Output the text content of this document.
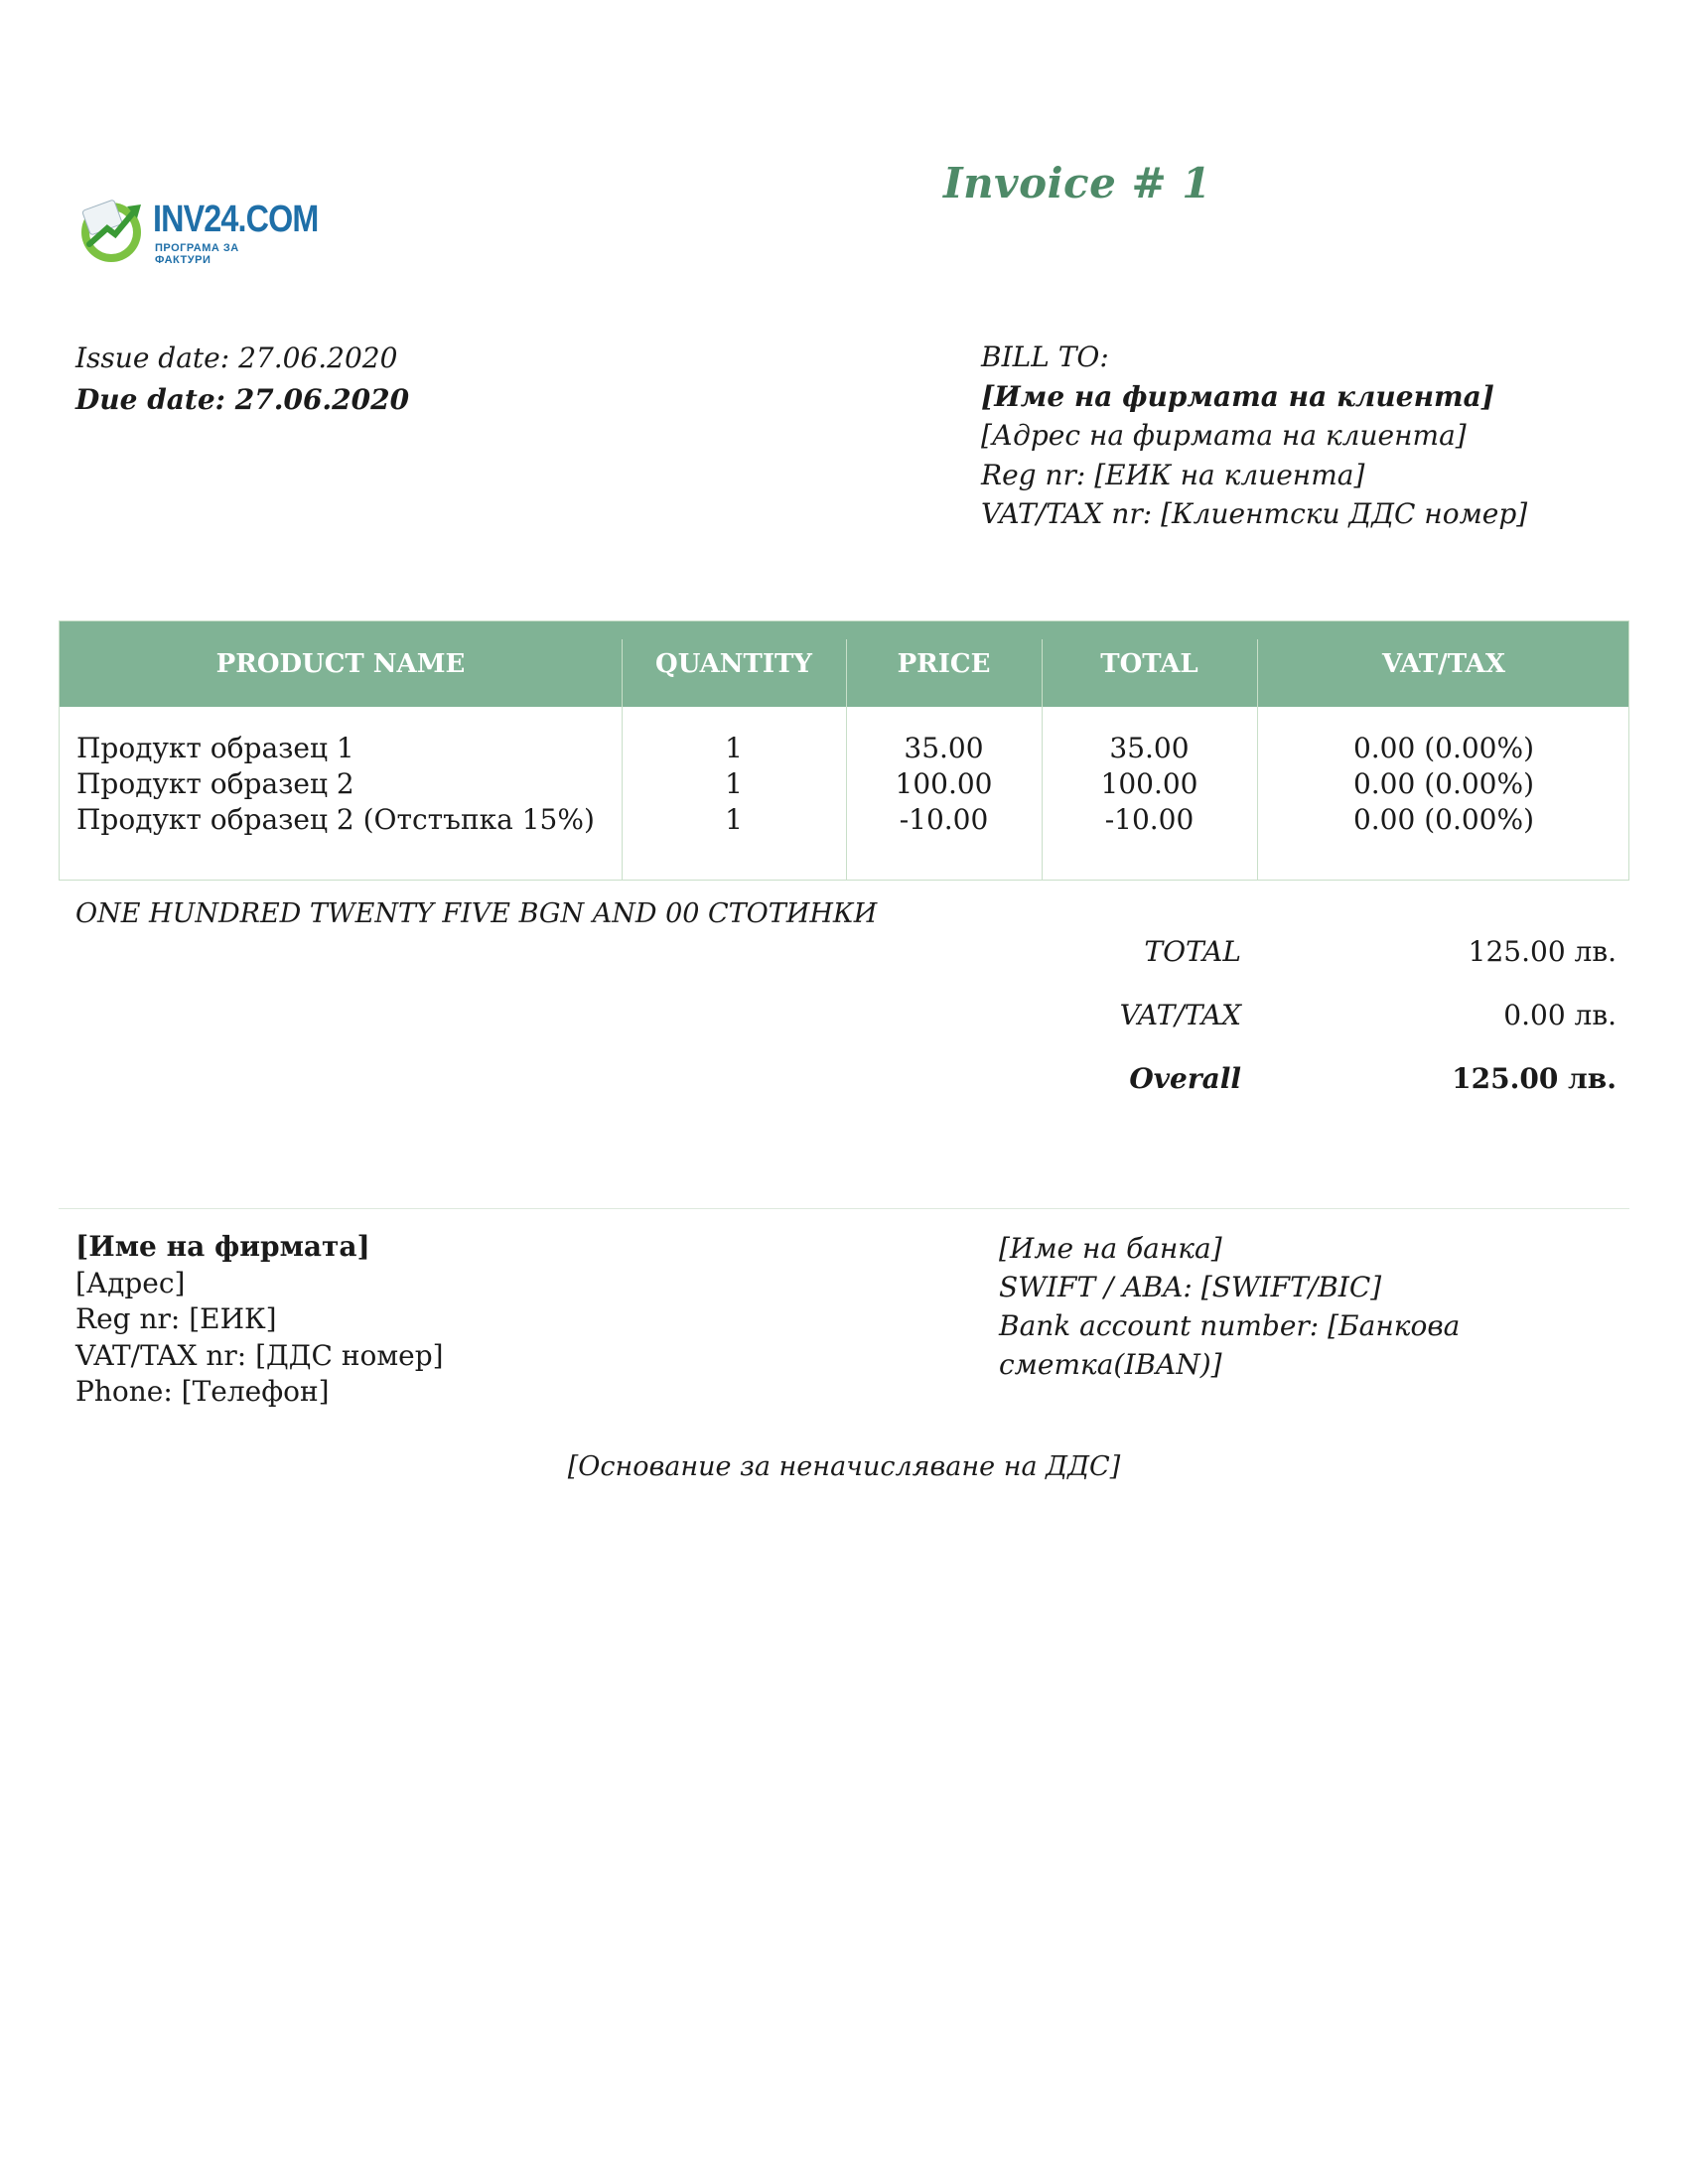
INV24.COM
ПРОГРАМА ЗА ФАКТУРИ
Invoice # 1
Issue date: 27.06.2020
Due date: 27.06.2020
BILL TO:
[Име на фирмата на клиента]
[Адрес на фирмата на клиента]
Reg nr: [ЕИК на клиента]
VAT/TAX nr: [Клиентски ДДС номер]
PRODUCT NAME	QUANTITY	PRICE	TOTAL	VAT/TAX
Продукт образец 1	1	35.00	35.00	0.00 (0.00%)
Продукт образец 2	1	100.00	100.00	0.00 (0.00%)
Продукт образец 2 (Отстъпка 15%)	1	-10.00	-10.00	0.00 (0.00%)
ONE HUNDRED TWENTY FIVE BGN AND 00 СТОТИНКИ
TOTAL	125.00 лв.
VAT/TAX	0.00 лв.
Overall	125.00 лв.
[Име на фирмата]
[Адрес]
Reg nr: [ЕИК]
VAT/TAX nr: [ДДС номер]
Phone: [Телефон]
[Име на банка]
SWIFT / ABA: [SWIFT/BIC]
Bank account number: [Банкова
сметка(IBAN)]
[Основание за неначисляване на ДДС]
